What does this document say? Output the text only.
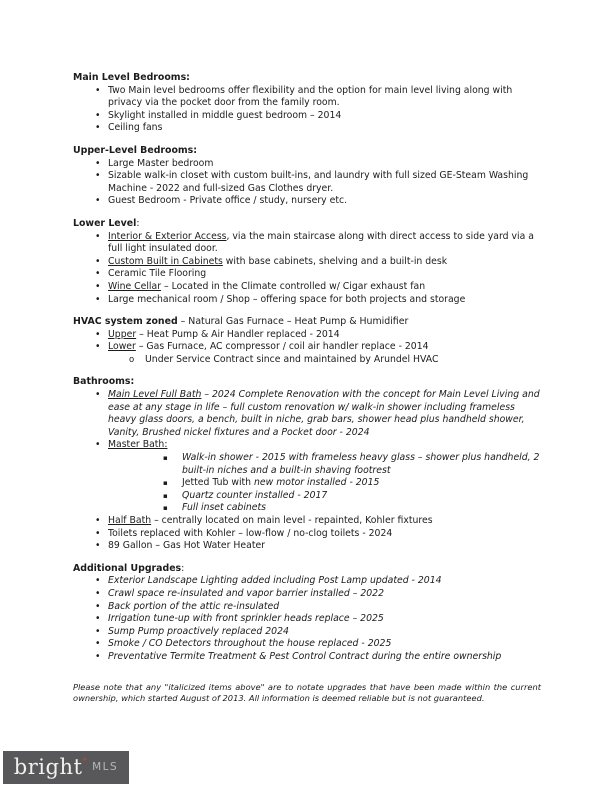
Main Level Bedrooms:
• Two Main level bedrooms offer flexibility and the option for main level living along with privacy via the pocket door from the family room.
• Skylight installed in middle guest bedroom – 2014
• Ceiling fans
Upper-Level Bedrooms:
• Large Master bedroom
• Sizable walk-in closet with custom built-ins, and laundry with full sized GE-Steam Washing Machine - 2022 and full-sized Gas Clothes dryer.
• Guest Bedroom - Private office / study, nursery etc.
Lower Level:
• Interior & Exterior Access, via the main staircase along with direct access to side yard via a full light insulated door.
• Custom Built in Cabinets with base cabinets, shelving and a built-in desk
• Ceramic Tile Flooring
• Wine Cellar – Located in the Climate controlled w/ Cigar exhaust fan
• Large mechanical room / Shop – offering space for both projects and storage
HVAC system zoned – Natural Gas Furnace – Heat Pump & Humidifier
• Upper – Heat Pump & Air Handler replaced - 2014
• Lower – Gas Furnace, AC compressor / coil air handler replace - 2014
o Under Service Contract since and maintained by Arundel HVAC
Bathrooms:
• Main Level Full Bath – 2024 Complete Renovation with the concept for Main Level Living and ease at any stage in life – full custom renovation w/ walk-in shower including frameless heavy glass doors, a bench, built in niche, grab bars, shower head plus handheld shower, Vanity, Brushed nickel fixtures and a Pocket door - 2024
• Master Bath:
▪ Walk-in shower - 2015 with frameless heavy glass – shower plus handheld, 2 built-in niches and a built-in shaving footrest
▪ Jetted Tub with new motor installed - 2015
▪ Quartz counter installed - 2017
▪ Full inset cabinets
• Half Bath – centrally located on main level - repainted, Kohler fixtures
• Toilets replaced with Kohler – low-flow / no-clog toilets - 2024
• 89 Gallon – Gas Hot Water Heater
Additional Upgrades:
• Exterior Landscape Lighting added including Post Lamp updated - 2014
• Crawl space re-insulated and vapor barrier installed – 2022
• Back portion of the attic re-insulated
• Irrigation tune-up with front sprinkler heads replace – 2025
• Sump Pump proactively replaced 2024
• Smoke / CO Detectors throughout the house replaced - 2025
• Preventative Termite Treatment & Pest Control Contract during the entire ownership

Please note that any "italicized items above" are to notate upgrades that have been made within the current ownership, which started August of 2013. All information is deemed reliable but is not guaranteed.

bright ✦
MLS
